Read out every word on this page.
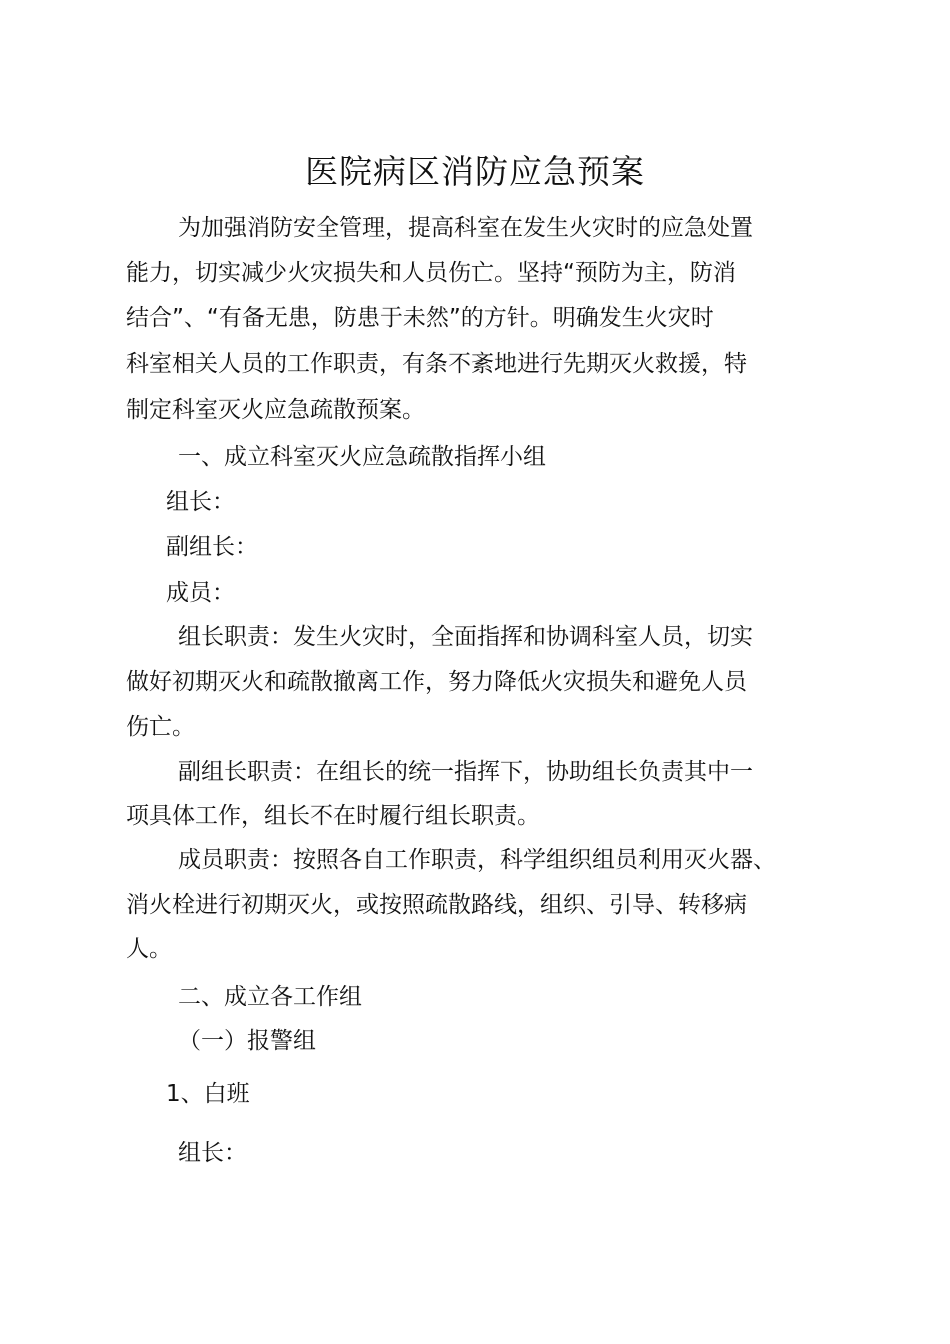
医院病区消防应急预案
为加强消防安全管理，提高科室在发生火灾时的应急处置
能力，切实减少火灾损失和人员伤亡。坚持“预防为主，防消
结合”、“有备无患，防患于未然”的方针。明确发生火灾时
科室相关人员的工作职责，有条不紊地进行先期灭火救援，特
制定科室灭火应急疏散预案。
一、成立科室灭火应急疏散指挥小组
组长：
副组长：
成员：
组长职责：发生火灾时，全面指挥和协调科室人员，切实
做好初期灭火和疏散撤离工作，努力降低火灾损失和避免人员
伤亡。
副组长职责：在组长的统一指挥下，协助组长负责其中一
项具体工作，组长不在时履行组长职责。
成员职责：按照各自工作职责，科学组织组员利用灭火器、
消火栓进行初期灭火，或按照疏散路线，组织、引导、转移病
人。
二、成立各工作组
（一）报警组
1、白班
组长：
